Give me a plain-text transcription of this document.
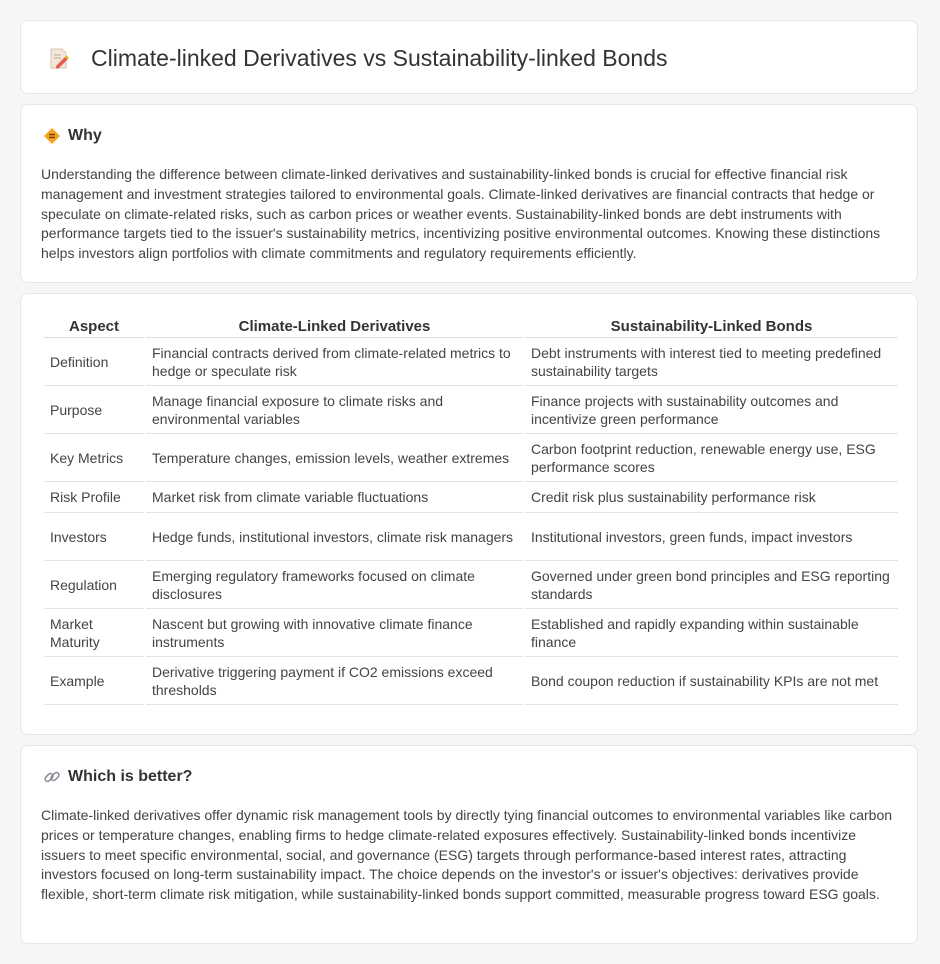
Climate-linked Derivatives vs Sustainability-linked Bonds
Why
Understanding the difference between climate-linked derivatives and sustainability-linked bonds is crucial for effective financial risk management and investment strategies tailored to environmental goals. Climate-linked derivatives are financial contracts that hedge or speculate on climate-related risks, such as carbon prices or weather events. Sustainability-linked bonds are debt instruments with performance targets tied to the issuer's sustainability metrics, incentivizing positive environmental outcomes. Knowing these distinctions helps investors align portfolios with climate commitments and regulatory requirements efficiently.
Aspect	Climate-Linked Derivatives	Sustainability-Linked Bonds
Definition	Financial contracts derived from climate-related metrics to hedge or speculate risk	Debt instruments with interest tied to meeting predefined sustainability targets
Purpose	Manage financial exposure to climate risks and environmental variables	Finance projects with sustainability outcomes and incentivize green performance
Key Metrics	Temperature changes, emission levels, weather extremes	Carbon footprint reduction, renewable energy use, ESG performance scores
Risk Profile	Market risk from climate variable fluctuations	Credit risk plus sustainability performance risk
Investors	Hedge funds, institutional investors, climate risk managers	Institutional investors, green funds, impact investors
Regulation	Emerging regulatory frameworks focused on climate disclosures	Governed under green bond principles and ESG reporting standards
Market Maturity	Nascent but growing with innovative climate finance instruments	Established and rapidly expanding within sustainable finance
Example	Derivative triggering payment if CO2 emissions exceed thresholds	Bond coupon reduction if sustainability KPIs are not met
Which is better?
Climate-linked derivatives offer dynamic risk management tools by directly tying financial outcomes to environmental variables like carbon prices or temperature changes, enabling firms to hedge climate-related exposures effectively. Sustainability-linked bonds incentivize issuers to meet specific environmental, social, and governance (ESG) targets through performance-based interest rates, attracting investors focused on long-term sustainability impact. The choice depends on the investor's or issuer's objectives: derivatives provide flexible, short-term climate risk mitigation, while sustainability-linked bonds support committed, measurable progress toward ESG goals.
